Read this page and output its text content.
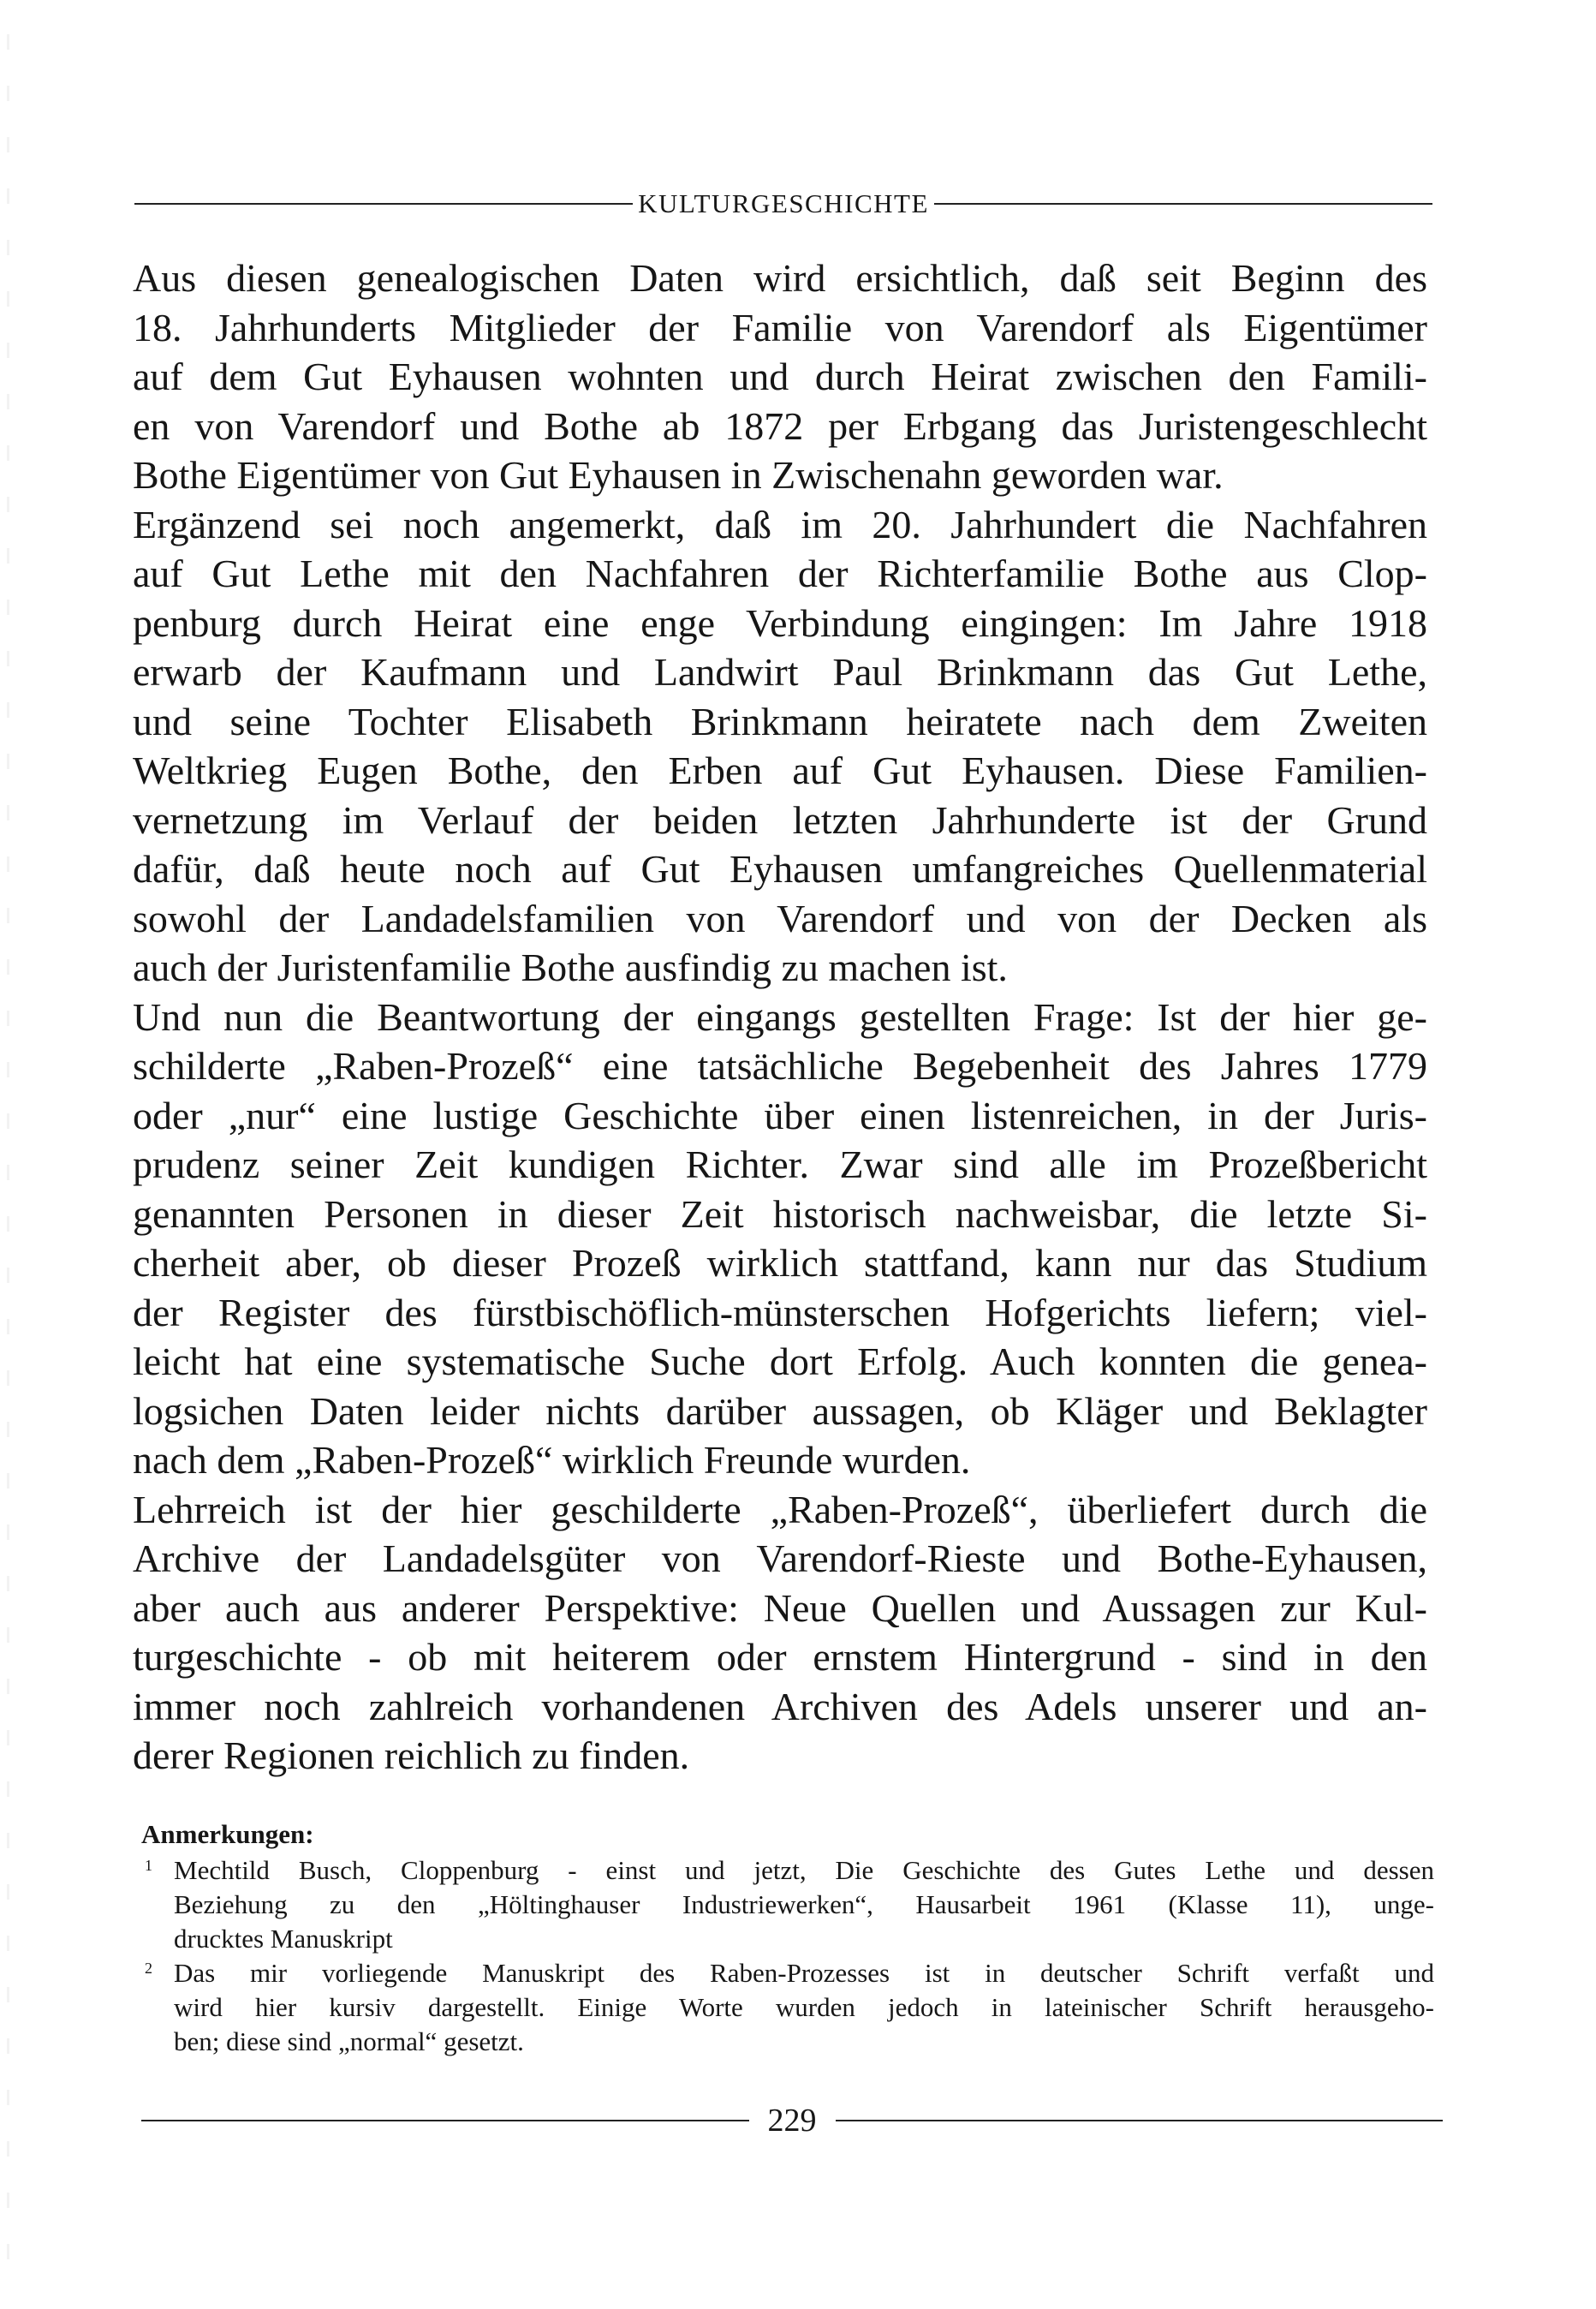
KULTURGESCHICHTE
Aus diesen genealogischen Daten wird ersichtlich, daß seit Beginn des
18. Jahrhunderts Mitglieder der Familie von Varendorf als Eigentümer
auf dem Gut Eyhausen wohnten und durch Heirat zwischen den Famili-
en von Varendorf und Bothe ab 1872 per Erbgang das Juristengeschlecht
Bothe Eigentümer von Gut Eyhausen in Zwischenahn geworden war.
Ergänzend sei noch angemerkt, daß im 20. Jahrhundert die Nachfahren
auf Gut Lethe mit den Nachfahren der Richterfamilie Bothe aus Clop-
penburg durch Heirat eine enge Verbindung eingingen: Im Jahre 1918
erwarb der Kaufmann und Landwirt Paul Brinkmann das Gut Lethe,
und seine Tochter Elisabeth Brinkmann heiratete nach dem Zweiten
Weltkrieg Eugen Bothe, den Erben auf Gut Eyhausen. Diese Familien-
vernetzung im Verlauf der beiden letzten Jahrhunderte ist der Grund
dafür, daß heute noch auf Gut Eyhausen umfangreiches Quellenmaterial
sowohl der Landadelsfamilien von Varendorf und von der Decken als
auch der Juristenfamilie Bothe ausfindig zu machen ist.
Und nun die Beantwortung der eingangs gestellten Frage: Ist der hier ge-
schilderte „Raben-Prozeß“ eine tatsächliche Begebenheit des Jahres 1779
oder „nur“ eine lustige Geschichte über einen listenreichen, in der Juris-
prudenz seiner Zeit kundigen Richter. Zwar sind alle im Prozeßbericht
genannten Personen in dieser Zeit historisch nachweisbar, die letzte Si-
cherheit aber, ob dieser Prozeß wirklich stattfand, kann nur das Studium
der Register des fürstbischöflich-münsterschen Hofgerichts liefern; viel-
leicht hat eine systematische Suche dort Erfolg. Auch konnten die genea-
logsichen Daten leider nichts darüber aussagen, ob Kläger und Beklagter
nach dem „Raben-Prozeß“ wirklich Freunde wurden.
Lehrreich ist der hier geschilderte „Raben-Prozeß“, überliefert durch die
Archive der Landadelsgüter von Varendorf-Rieste und Bothe-Eyhausen,
aber auch aus anderer Perspektive: Neue Quellen und Aussagen zur Kul-
turgeschichte - ob mit heiterem oder ernstem Hintergrund - sind in den
immer noch zahlreich vorhandenen Archiven des Adels unserer und an-
derer Regionen reichlich zu finden.
Anmerkungen:
1 Mechtild Busch, Cloppenburg - einst und jetzt, Die Geschichte des Gutes Lethe und dessen
Beziehung zu den „Höltinghauser Industriewerken“, Hausarbeit 1961 (Klasse 11), unge-
drucktes Manuskript
2 Das mir vorliegende Manuskript des Raben-Prozesses ist in deutscher Schrift verfaßt und
wird hier kursiv dargestellt. Einige Worte wurden jedoch in lateinischer Schrift herausgeho-
ben; diese sind „normal“ gesetzt.
229
